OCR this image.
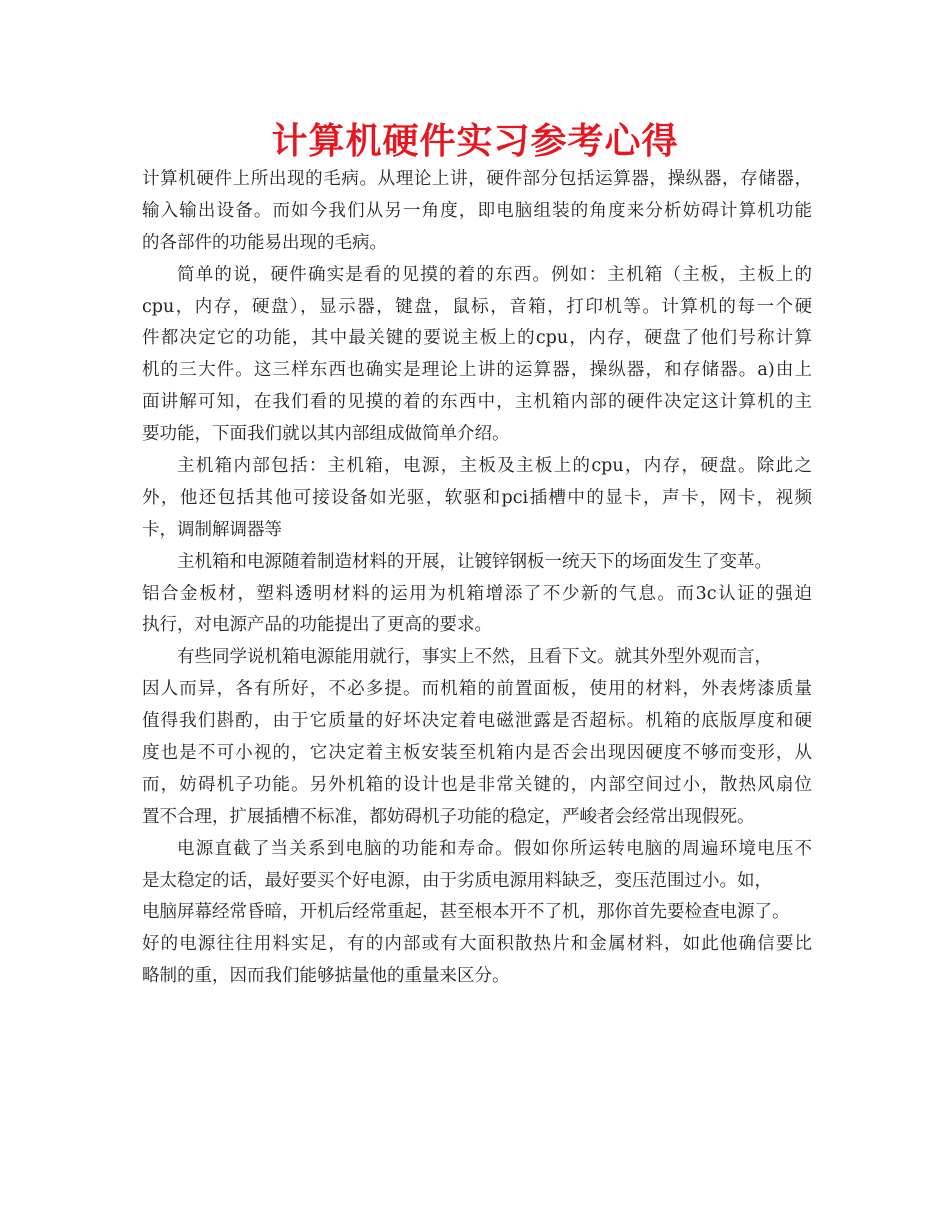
计算机硬件实习参考心得
计算机硬件上所出现的毛病。从理论上讲，硬件部分包括运算器，操纵器，存储器，
输入输出设备。而如今我们从另一角度，即电脑组装的角度来分析妨碍计算机功能
的各部件的功能易出现的毛病。
简单的说，硬件确实是看的见摸的着的东西。例如：主机箱（主板，主板上的
cpu，内存，硬盘），显示器，键盘，鼠标，音箱，打印机等。计算机的每一个硬
件都决定它的功能，其中最关键的要说主板上的cpu，内存，硬盘了他们号称计算
机的三大件。这三样东西也确实是理论上讲的运算器，操纵器，和存储器。a)由上
面讲解可知，在我们看的见摸的着的东西中，主机箱内部的硬件决定这计算机的主
要功能，下面我们就以其内部组成做简单介绍。
主机箱内部包括：主机箱，电源，主板及主板上的cpu，内存，硬盘。除此之
外，他还包括其他可接设备如光驱，软驱和pci插槽中的显卡，声卡，网卡，视频
卡，调制解调器等
主机箱和电源随着制造材料的开展，让镀锌钢板一统天下的场面发生了变革。
铝合金板材，塑料透明材料的运用为机箱增添了不少新的气息。而3c认证的强迫
执行，对电源产品的功能提出了更高的要求。
有些同学说机箱电源能用就行，事实上不然，且看下文。就其外型外观而言，
因人而异，各有所好，不必多提。而机箱的前置面板，使用的材料，外表烤漆质量
值得我们斟酌，由于它质量的好坏决定着电磁泄露是否超标。机箱的底版厚度和硬
度也是不可小视的，它决定着主板安装至机箱内是否会出现因硬度不够而变形，从
而，妨碍机子功能。另外机箱的设计也是非常关键的，内部空间过小，散热风扇位
置不合理，扩展插槽不标准，都妨碍机子功能的稳定，严峻者会经常出现假死。
电源直截了当关系到电脑的功能和寿命。假如你所运转电脑的周遍环境电压不
是太稳定的话，最好要买个好电源，由于劣质电源用料缺乏，变压范围过小。如，
电脑屏幕经常昏暗，开机后经常重起，甚至根本开不了机，那你首先要检查电源了。
好的电源往往用料实足，有的内部或有大面积散热片和金属材料，如此他确信要比
略制的重，因而我们能够掂量他的重量来区分。
